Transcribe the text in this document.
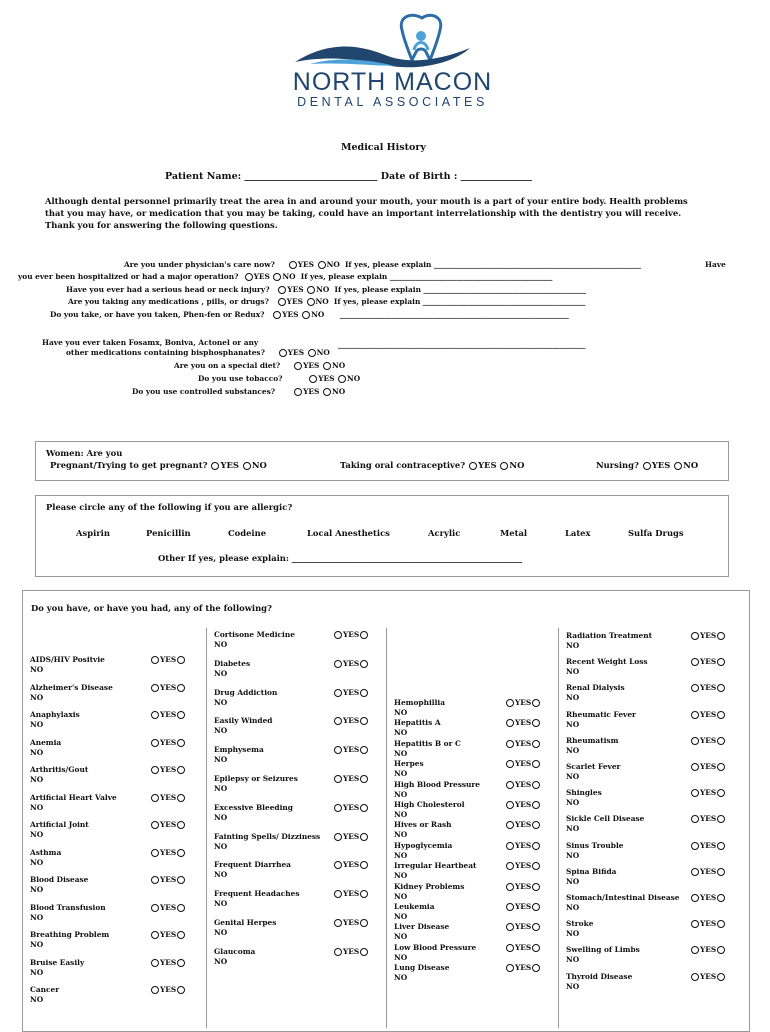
NORTH MACON
DENTAL ASSOCIATES
Medical History
Patient Name: ____________________________ Date of Birth : _______________
Although dental personnel primarily treat the area in and around your mouth, your mouth is a part of your entire body. Health problems
that you may have, or medication that you may be taking, could have an important interrelationship with the dentistry you will receive.
Thank you for answering the following questions.
Are you under physician's care now?	YES NO If yes, please explain ________________________________________________________	Have
you ever been hospitalized or had a major operation? YES NO If yes, please explain ____________________________________________
Have you ever had a serious head or neck injury? YES NO If yes, please explain ____________________________________________
Are you taking any medications , pills, or drugs? YES NO If yes, please explain ____________________________________________
Do you take, or have you taken, Phen-fen or Redux? YES NO ______________________________________________________________
Have you ever taken Fosamx, Boniva, Actonel or any	___________________________________________________________________
other medications containing bisphosphanates?	YES NO
Are you on a special diet?	YES NO
Do you use tobacco?	YES NO
Do you use controlled substances?	YES NO
Women: Are you
Pregnant/Trying to get pregnant? YES NO	Taking oral contraceptive? YES NO	Nursing? YES NO
Please circle any of the following if you are allergic?
Aspirin	Penicillin	Codeine	Local Anesthetics	Acrylic	Metal	Latex	Sulfa Drugs
Other If yes, please explain: _______________________________________________________
Do you have, or have you had, any of the following?
AIDS/HIV Positvie
NO
YES
Alzheimer's Disease
NO
YES
Anaphylaxis
NO
YES
Anemia
NO
YES
Arthritis/Gout
NO
YES
Artificial Heart Valve
NO
YES
Artificial Joint
NO
YES
Asthma
NO
YES
Blood Disease
NO
YES
Blood Transfusion
NO
YES
Breathing Problem
NO
YES
Bruise Easily
NO
YES
Cancer
NO
YES
Cortisone Medicine
NO
YES
Diabetes
NO
YES
Drug Addiction
NO
YES
Easily Winded
NO
YES
Emphysema
NO
YES
Epilepsy or Seizures
NO
YES
Excessive Bleeding
NO
YES
Fainting Spells/ Dizziness
NO
YES
Frequent Diarrhea
NO
YES
Frequent Headaches
NO
YES
Genital Herpes
NO
YES
Glaucoma
NO
YES
Hemophillia
NO
YES
Hepatitis A
NO
YES
Hepatitis B or C
NO
YES
Herpes
NO
YES
High Blood Pressure
NO
YES
High Cholesterol
NO
YES
Hives or Rash
NO
YES
Hypoglycemia
NO
YES
Irregular Heartbeat
NO
YES
Kidney Problems
NO
YES
Leukemia
NO
YES
Liver Disease
NO
YES
Low Blood Pressure
NO
YES
Lung Disease
NO
YES
Radiation Treatment
NO
YES
Recent Weight Loss
NO
YES
Renal Dialysis
NO
YES
Rheumatic Fever
NO
YES
Rheumatism
NO
YES
Scarlet Fever
NO
YES
Shingles
NO
YES
Sickle Cell Disease
NO
YES
Sinus Trouble
NO
YES
Spina Bifida
NO
YES
Stomach/Intestinal Disease
NO
YES
Stroke
NO
YES
Swelling of Limbs
NO
YES
Thyroid Disease
NO
YES
